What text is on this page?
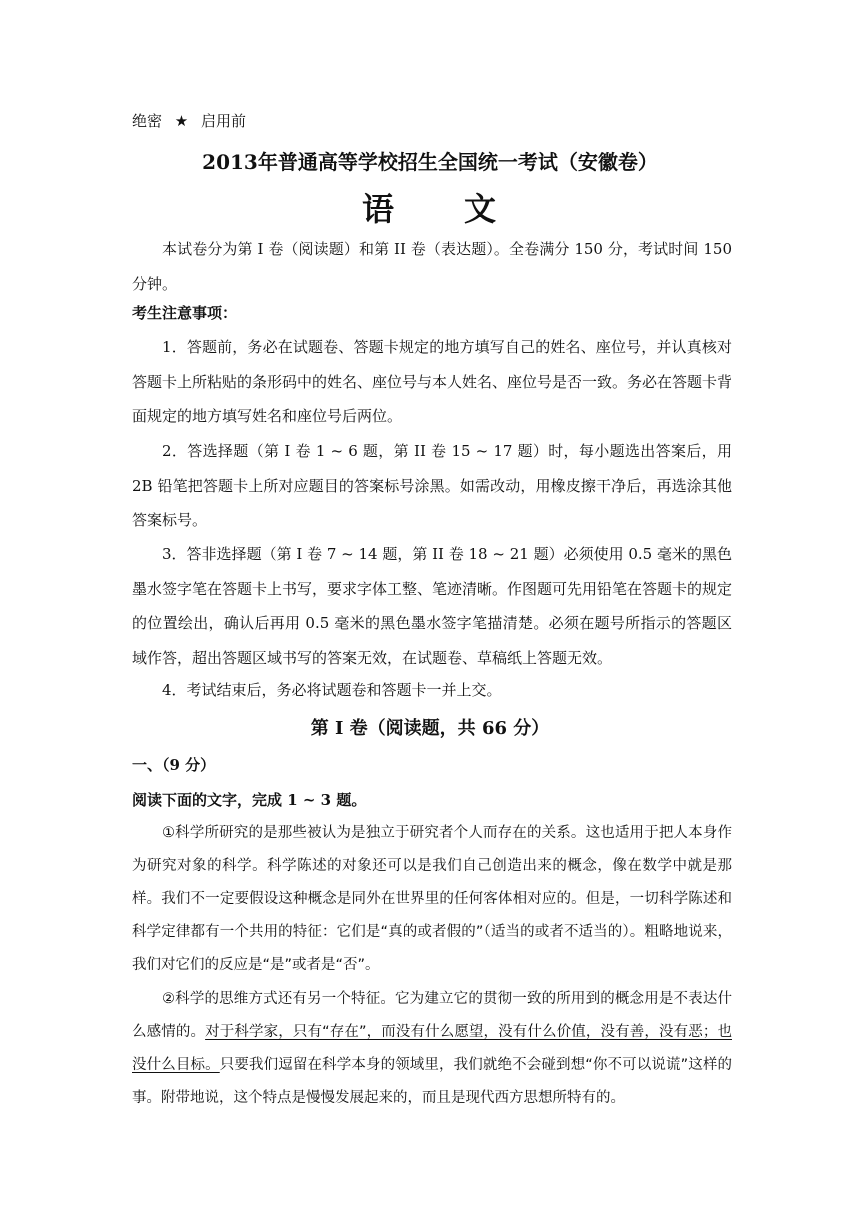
绝密 ★ 启用前
2013年普通高等学校招生全国统一考试（安徽卷）
语　　文
本试卷分为第 I 卷（阅读题）和第 II 卷（表达题）。全卷满分 150 分，考试时间 150 分钟。
考生注意事项：
1．答题前，务必在试题卷、答题卡规定的地方填写自己的姓名、座位号，并认真核对答题卡上所粘贴的条形码中的姓名、座位号与本人姓名、座位号是否一致。务必在答题卡背面规定的地方填写姓名和座位号后两位。
2．答选择题（第 I 卷 1 ~ 6 题，第 II 卷 15 ~ 17 题）时，每小题选出答案后，用 2B 铅笔把答题卡上所对应题目的答案标号涂黑。如需改动，用橡皮擦干净后，再选涂其他答案标号。
3．答非选择题（第 I 卷 7 ~ 14 题，第 II 卷 18 ~ 21 题）必须使用 0.5 毫米的黑色墨水签字笔在答题卡上书写，要求字体工整、笔迹清晰。作图题可先用铅笔在答题卡的规定的位置绘出，确认后再用 0.5 毫米的黑色墨水签字笔描清楚。必须在题号所指示的答题区域作答，超出答题区域书写的答案无效，在试题卷、草稿纸上答题无效。
4．考试结束后，务必将试题卷和答题卡一并上交。
第 I 卷（阅读题，共 66 分）
一、（9 分）
阅读下面的文字，完成 1 ~ 3 题。
①科学所研究的是那些被认为是独立于研究者个人而存在的关系。这也适用于把人本身作为研究对象的科学。科学陈述的对象还可以是我们自己创造出来的概念，像在数学中就是那样。我们不一定要假设这种概念是同外在世界里的任何客体相对应的。但是，一切科学陈述和科学定律都有一个共用的特征：它们是“真的或者假的”（适当的或者不适当的）。粗略地说来，我们对它们的反应是“是”或者是“否”。
②科学的思维方式还有另一个特征。它为建立它的贯彻一致的所用到的概念用是不表达什么感情的。对于科学家，只有“存在”，而没有什么愿望，没有什么价值，没有善，没有恶；也没什么目标。只要我们逗留在科学本身的领域里，我们就绝不会碰到想“你不可以说谎”这样的事。附带地说，这个特点是慢慢发展起来的，而且是现代西方思想所特有的。
